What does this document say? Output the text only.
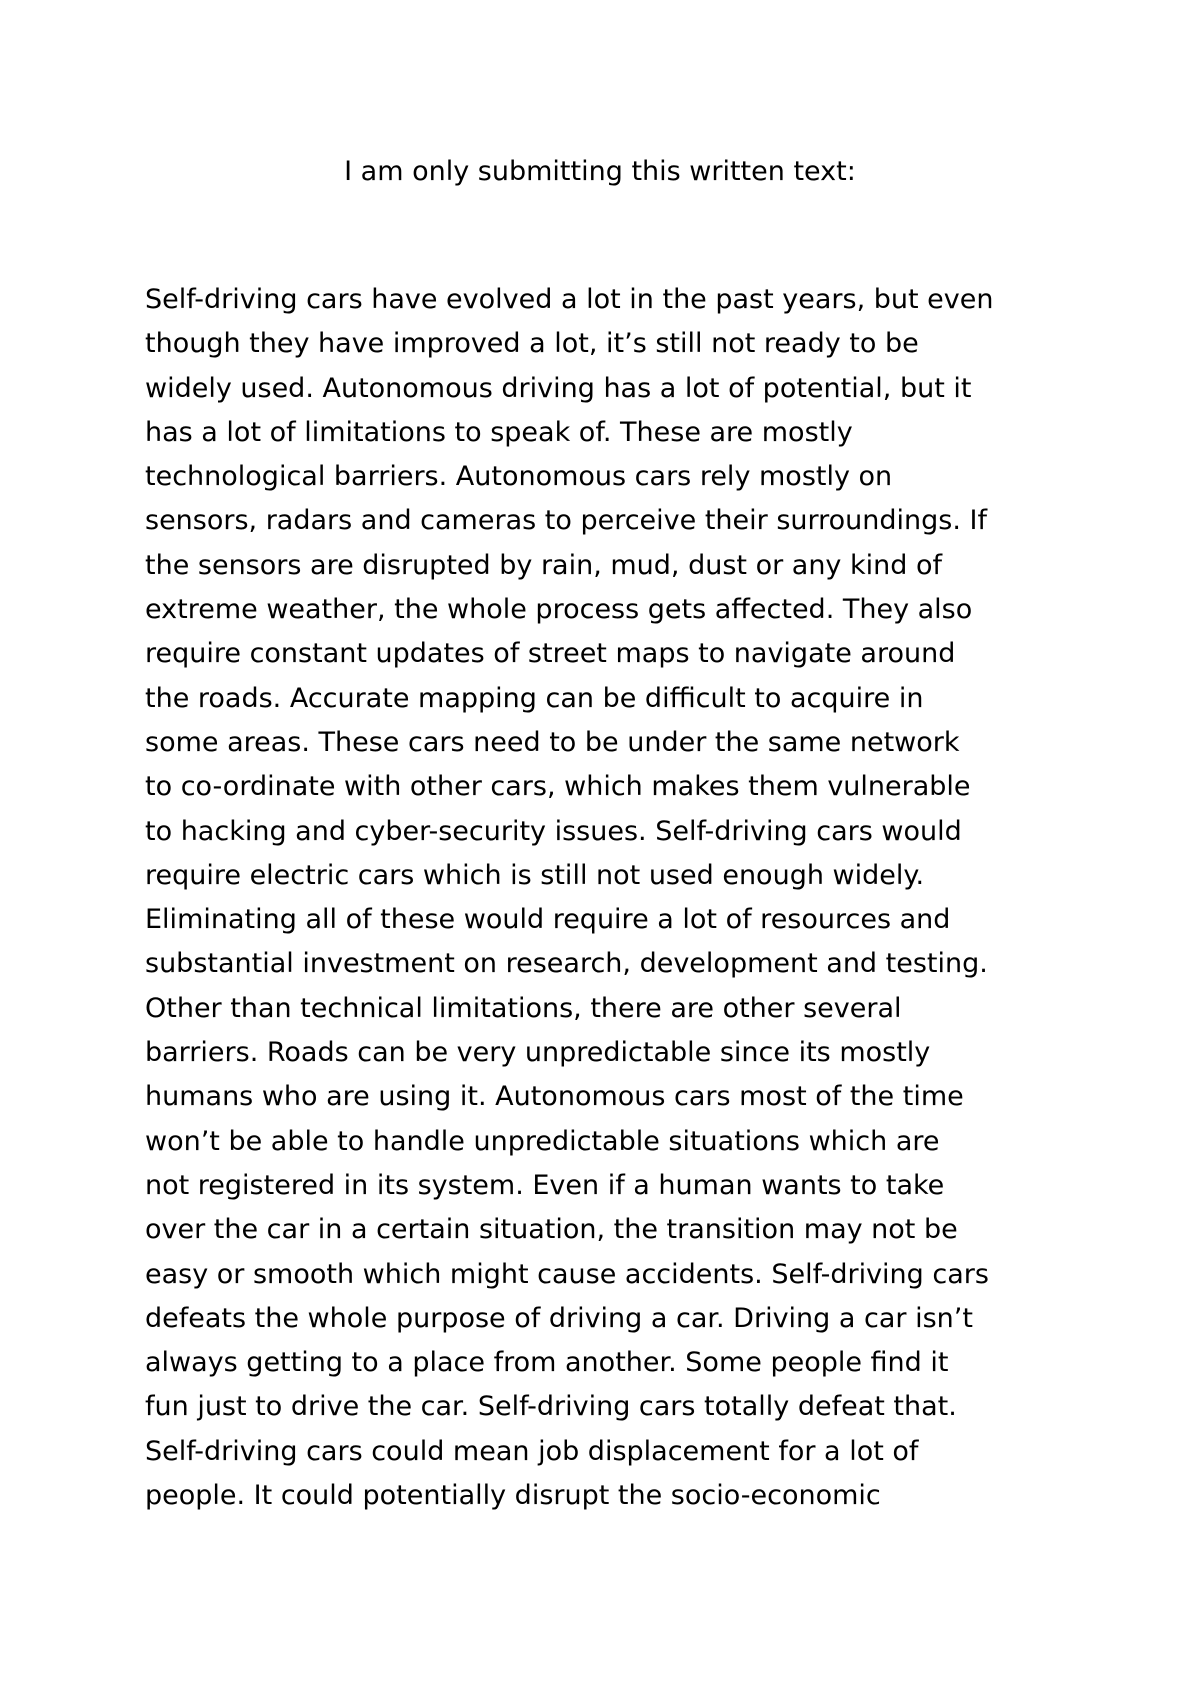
I am only submitting this written text:
Self-driving cars have evolved a lot in the past years, but even
though they have improved a lot, it’s still not ready to be
widely used. Autonomous driving has a lot of potential, but it
has a lot of limitations to speak of. These are mostly
technological barriers. Autonomous cars rely mostly on
sensors, radars and cameras to perceive their surroundings. If
the sensors are disrupted by rain, mud, dust or any kind of
extreme weather, the whole process gets affected. They also
require constant updates of street maps to navigate around
the roads. Accurate mapping can be difficult to acquire in
some areas. These cars need to be under the same network
to co-ordinate with other cars, which makes them vulnerable
to hacking and cyber-security issues. Self-driving cars would
require electric cars which is still not used enough widely.
Eliminating all of these would require a lot of resources and
substantial investment on research, development and testing.
Other than technical limitations, there are other several
barriers. Roads can be very unpredictable since its mostly
humans who are using it. Autonomous cars most of the time
won’t be able to handle unpredictable situations which are
not registered in its system. Even if a human wants to take
over the car in a certain situation, the transition may not be
easy or smooth which might cause accidents. Self-driving cars
defeats the whole purpose of driving a car. Driving a car isn’t
always getting to a place from another. Some people find it
fun just to drive the car. Self-driving cars totally defeat that.
Self-driving cars could mean job displacement for a lot of
people. It could potentially disrupt the socio-economic
